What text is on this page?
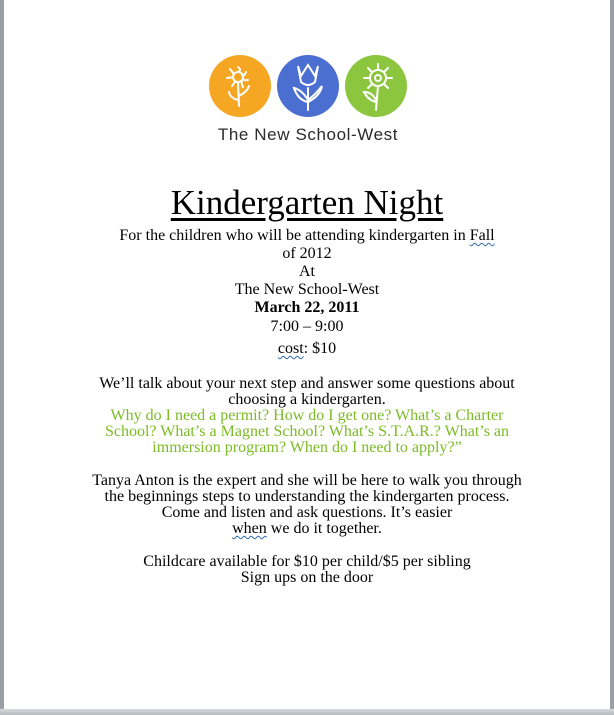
The New School-West
Kindergarten Night
For the children who will be attending kindergarten in Fall
of 2012
At
The New School-West
March 22, 2011
7:00 – 9:00
cost: $10
We’ll talk about your next step and answer some questions about
choosing a kindergarten.
Why do I need a permit? How do I get one? What’s a Charter
School? What’s a Magnet School? What’s S.T.A.R.? What’s an
immersion program? When do I need to apply?”
Tanya Anton is the expert and she will be here to walk you through
the beginnings steps to understanding the kindergarten process.
Come and listen and ask questions. It’s easier
when we do it together.
Childcare available for $10 per child/$5 per sibling
Sign ups on the door
